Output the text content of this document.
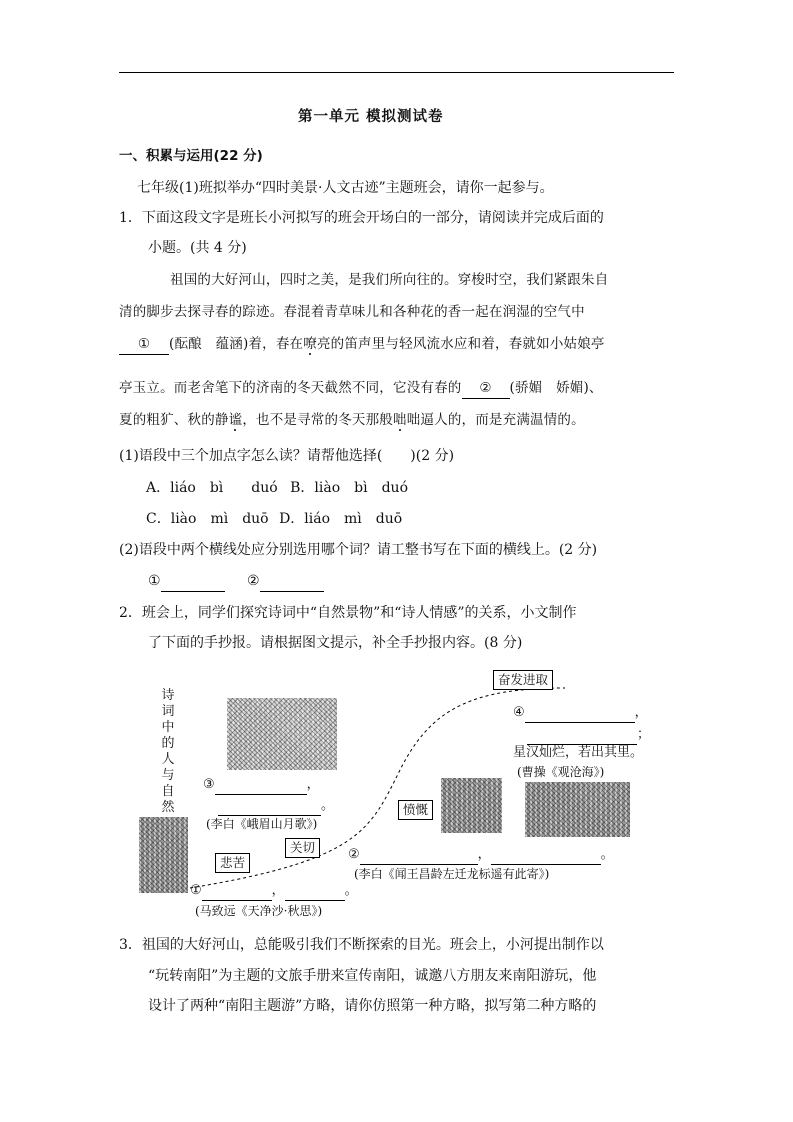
第一单元 模拟测试卷
一、积累与运用(22 分)
七年级(1)班拟举办“四时美景·人文古迹”主题班会，请你一起参与。
1．下面这段文字是班长小河拟写的班会开场白的一部分，请阅读并完成后面的
小题。(共 4 分)
祖国的大好河山，四时之美，是我们所向往的。穿梭时空，我们紧跟朱自
清的脚步去探寻春的踪迹。春混着青草味儿和各种花的香一起在润湿的空气中
① (酝酿　蕴涵)着，春在嘹亮的笛声里与轻风流水应和着，春就如小姑娘亭
亭玉立。而老舍笔下的济南的冬天截然不同，它没有春的 ② (骄媚　娇媚)、
夏的粗犷、秋的静谧，也不是寻常的冬天那般咄咄逼人的，而是充满温情的。
(1)语段中三个加点字怎么读？请帮他选择(　　)(2 分)
A．liáo　bì　　duó B．liào　bì　duó
C．liào　mì　duō D．liáo　mì　duō
(2)语段中两个横线处应分别选用哪个词？请工整书写在下面的横线上。(2 分)
①	②
2．班会上，同学们探究诗词中“自然景物”和“诗人情感”的关系，小文制作
了下面的手抄报。请根据图文提示，补全手抄报内容。(8 分)
诗词中的人与自然
奋发进取
愤慨
关切
悲苦
④	，
；
星汉灿烂，若出其里。
(曹操《观沧海》)
③	，
。
(李白《峨眉山月歌》)
②	，	。
(李白《闻王昌龄左迁龙标遥有此寄》)
①	，	。
(马致远《天净沙·秋思》)
3．祖国的大好河山，总能吸引我们不断探索的目光。班会上，小河提出制作以
“玩转南阳”为主题的文旅手册来宣传南阳，诚邀八方朋友来南阳游玩，他
设计了两种“南阳主题游”方略，请你仿照第一种方略，拟写第二种方略的
